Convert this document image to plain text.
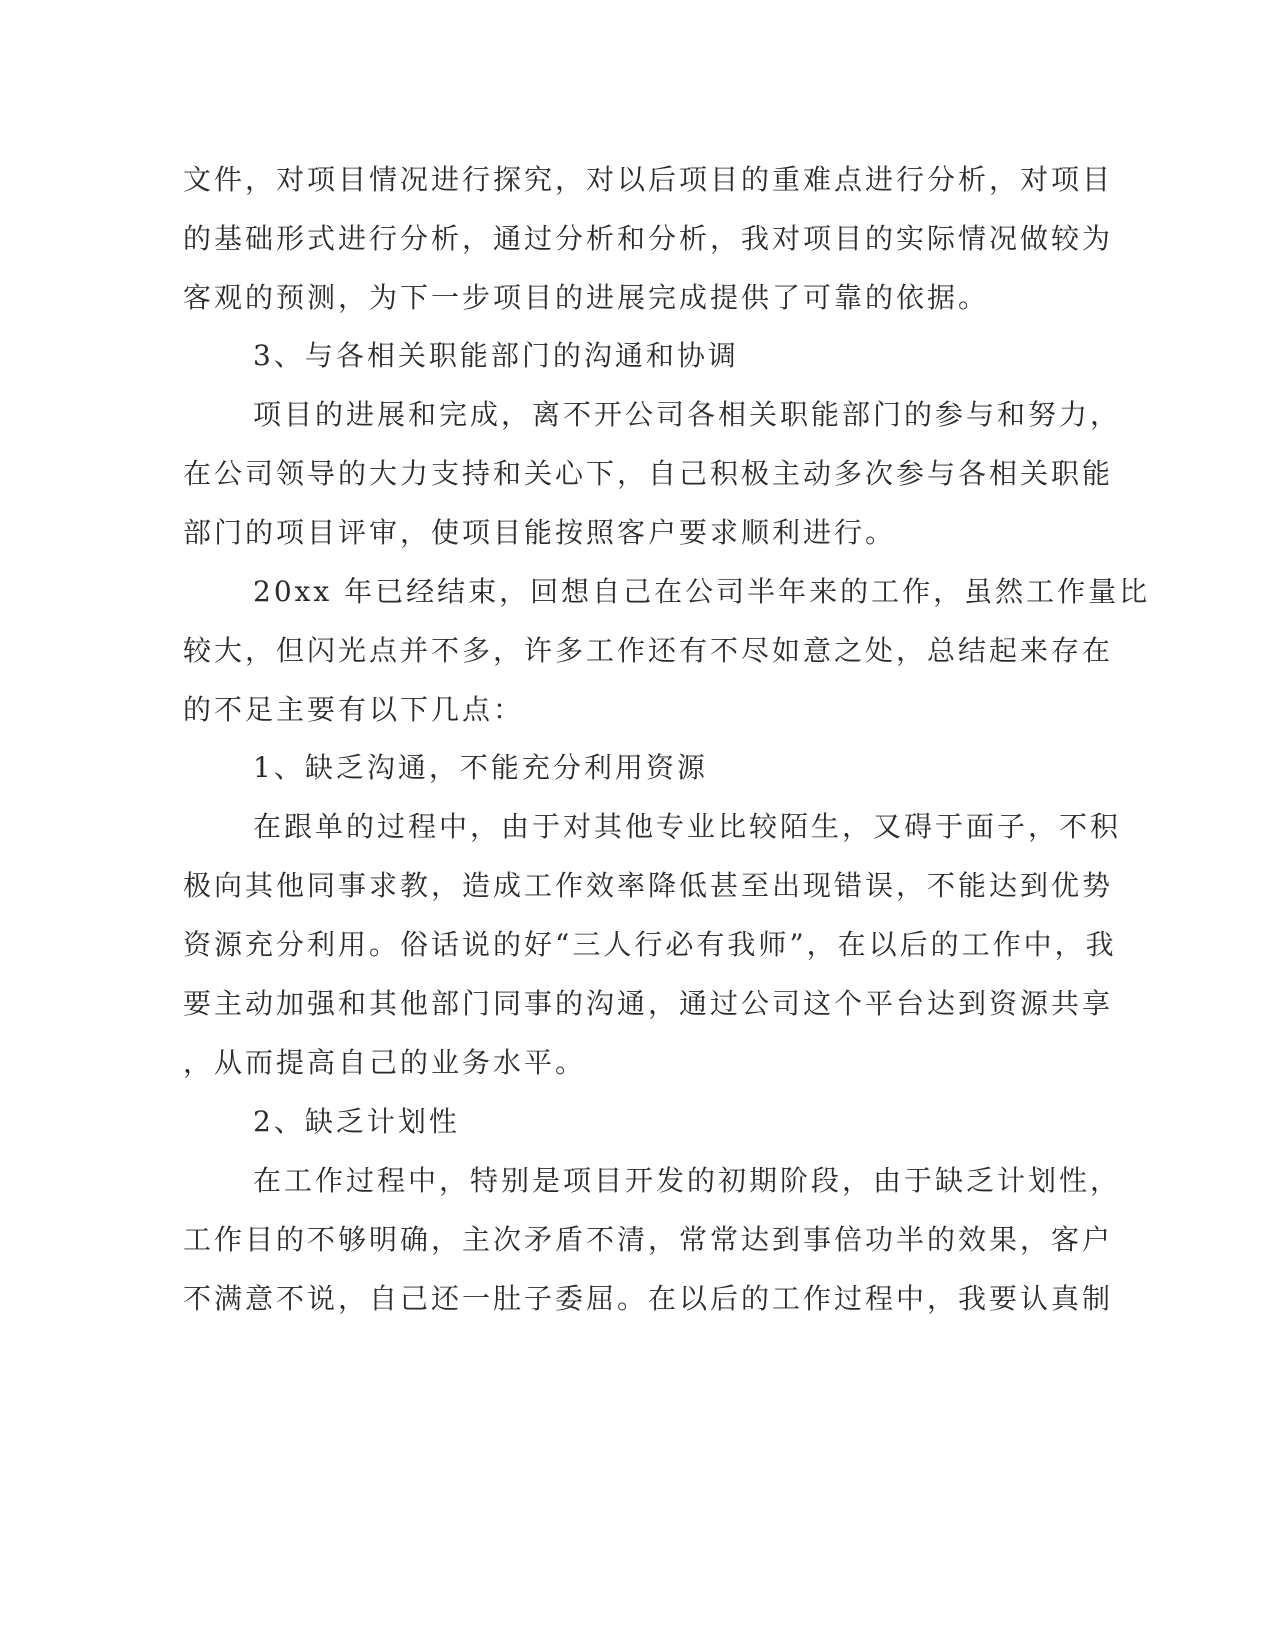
文件，对项目情况进行探究，对以后项目的重难点进行分析，对项目
的基础形式进行分析，通过分析和分析，我对项目的实际情况做较为
客观的预测，为下一步项目的进展完成提供了可靠的依据。
3、与各相关职能部门的沟通和协调
项目的进展和完成，离不开公司各相关职能部门的参与和努力，
在公司领导的大力支持和关心下，自己积极主动多次参与各相关职能
部门的项目评审，使项目能按照客户要求顺利进行。
20xx 年已经结束，回想自己在公司半年来的工作，虽然工作量比
较大，但闪光点并不多，许多工作还有不尽如意之处，总结起来存在
的不足主要有以下几点：
1、缺乏沟通，不能充分利用资源
在跟单的过程中，由于对其他专业比较陌生，又碍于面子，不积
极向其他同事求教，造成工作效率降低甚至出现错误，不能达到优势
资源充分利用。俗话说的好“三人行必有我师”，在以后的工作中，我
要主动加强和其他部门同事的沟通，通过公司这个平台达到资源共享
，从而提高自己的业务水平。
2、缺乏计划性
在工作过程中，特别是项目开发的初期阶段，由于缺乏计划性，
工作目的不够明确，主次矛盾不清，常常达到事倍功半的效果，客户
不满意不说，自己还一肚子委屈。在以后的工作过程中，我要认真制
